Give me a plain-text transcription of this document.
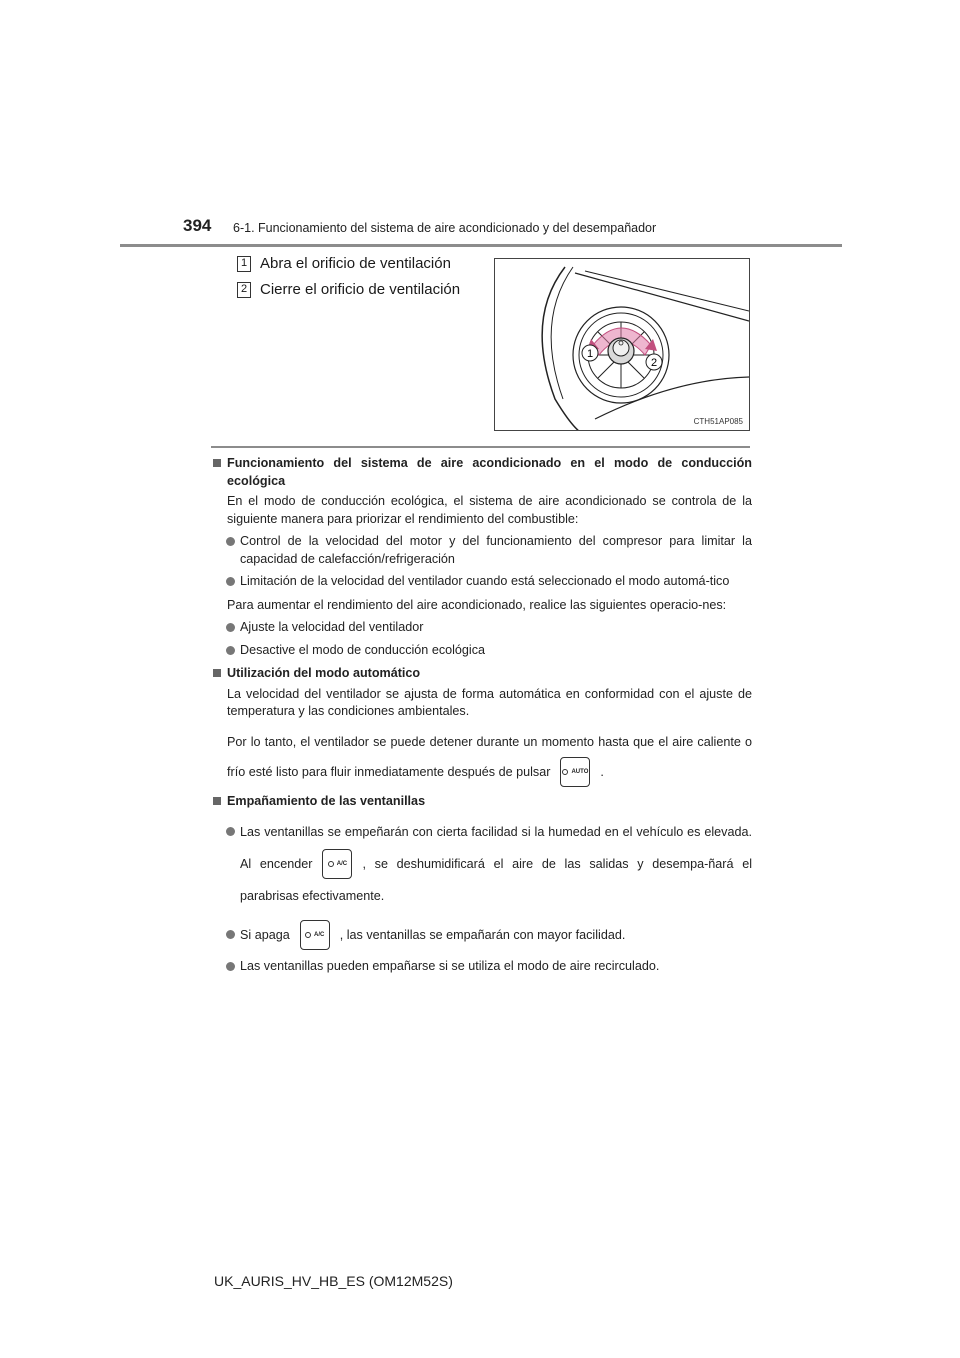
394 6-1. Funcionamiento del sistema de aire acondicionado y del desempañador
1 Abra el orificio de ventilación
2 Cierre el orificio de ventilación
1
2
CTH51AP085
Funcionamiento del sistema de aire acondicionado en el modo de conducción ecológica
En el modo de conducción ecológica, el sistema de aire acondicionado se controla de la siguiente manera para priorizar el rendimiento del combustible:
Control de la velocidad del motor y del funcionamiento del compresor para limitar la capacidad de calefacción/refrigeración
Limitación de la velocidad del ventilador cuando está seleccionado el modo automá-tico
Para aumentar el rendimiento del aire acondicionado, realice las siguientes operacio-nes:
Ajuste la velocidad del ventilador
Desactive el modo de conducción ecológica
Utilización del modo automático
La velocidad del ventilador se ajusta de forma automática en conformidad con el ajuste de temperatura y las condiciones ambientales.
Por lo tanto, el ventilador se puede detener durante un momento hasta que el aire caliente o frío esté listo para fluir inmediatamente después de pulsar	AUTO .
Empañamiento de las ventanillas
Las ventanillas se empeñarán con cierta facilidad si la humedad en el vehículo es elevada. Al encender	A/C , se deshumidificará el aire de las salidas y desempa-ñará el parabrisas efectivamente.
Si apaga	A/C , las ventanillas se empañarán con mayor facilidad.
Las ventanillas pueden empañarse si se utiliza el modo de aire recirculado.
UK_AURIS_HV_HB_ES (OM12M52S)
